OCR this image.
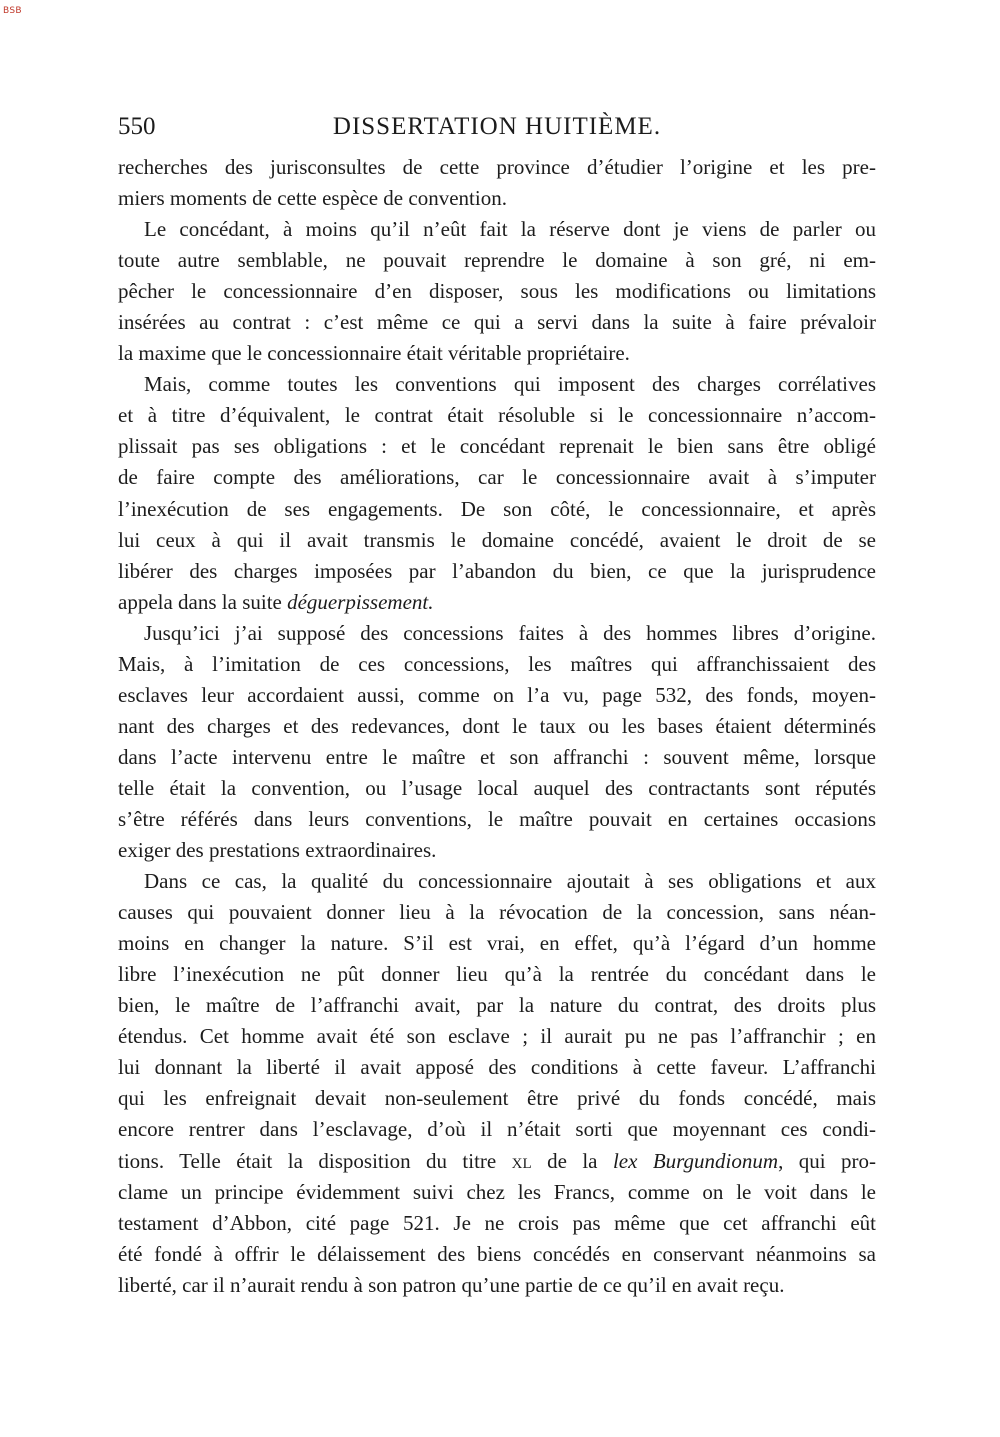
BSB
550	DISSERTATION HUITIÈME.
recherches des jurisconsultes de cette province d’étudier l’origine et les pre-
miers moments de cette espèce de convention.
Le concédant, à moins qu’il n’eût fait la réserve dont je viens de parler ou
toute autre semblable, ne pouvait reprendre le domaine à son gré, ni em-
pêcher le concessionnaire d’en disposer, sous les modifications ou limitations
insérées au contrat : c’est même ce qui a servi dans la suite à faire prévaloir
la maxime que le concessionnaire était véritable propriétaire.
Mais, comme toutes les conventions qui imposent des charges corrélatives
et à titre d’équivalent, le contrat était résoluble si le concessionnaire n’accom-
plissait pas ses obligations : et le concédant reprenait le bien sans être obligé
de faire compte des améliorations, car le concessionnaire avait à s’imputer
l’inexécution de ses engagements. De son côté, le concessionnaire, et après
lui ceux à qui il avait transmis le domaine concédé, avaient le droit de se
libérer des charges imposées par l’abandon du bien, ce que la jurisprudence
appela dans la suite déguerpissement.
Jusqu’ici j’ai supposé des concessions faites à des hommes libres d’origine.
Mais, à l’imitation de ces concessions, les maîtres qui affranchissaient des
esclaves leur accordaient aussi, comme on l’a vu, page 532, des fonds, moyen-
nant des charges et des redevances, dont le taux ou les bases étaient déterminés
dans l’acte intervenu entre le maître et son affranchi : souvent même, lorsque
telle était la convention, ou l’usage local auquel des contractants sont réputés
s’être référés dans leurs conventions, le maître pouvait en certaines occasions
exiger des prestations extraordinaires.
Dans ce cas, la qualité du concessionnaire ajoutait à ses obligations et aux
causes qui pouvaient donner lieu à la révocation de la concession, sans néan-
moins en changer la nature. S’il est vrai, en effet, qu’à l’égard d’un homme
libre l’inexécution ne pût donner lieu qu’à la rentrée du concédant dans le
bien, le maître de l’affranchi avait, par la nature du contrat, des droits plus
étendus. Cet homme avait été son esclave ; il aurait pu ne pas l’affranchir ; en
lui donnant la liberté il avait apposé des conditions à cette faveur. L’affranchi
qui les enfreignait devait non-seulement être privé du fonds concédé, mais
encore rentrer dans l’esclavage, d’où il n’était sorti que moyennant ces condi-
tions. Telle était la disposition du titre xl de la lex Burgundionum, qui pro-
clame un principe évidemment suivi chez les Francs, comme on le voit dans le
testament d’Abbon, cité page 521. Je ne crois pas même que cet affranchi eût
été fondé à offrir le délaissement des biens concédés en conservant néanmoins sa
liberté, car il n’aurait rendu à son patron qu’une partie de ce qu’il en avait reçu.
